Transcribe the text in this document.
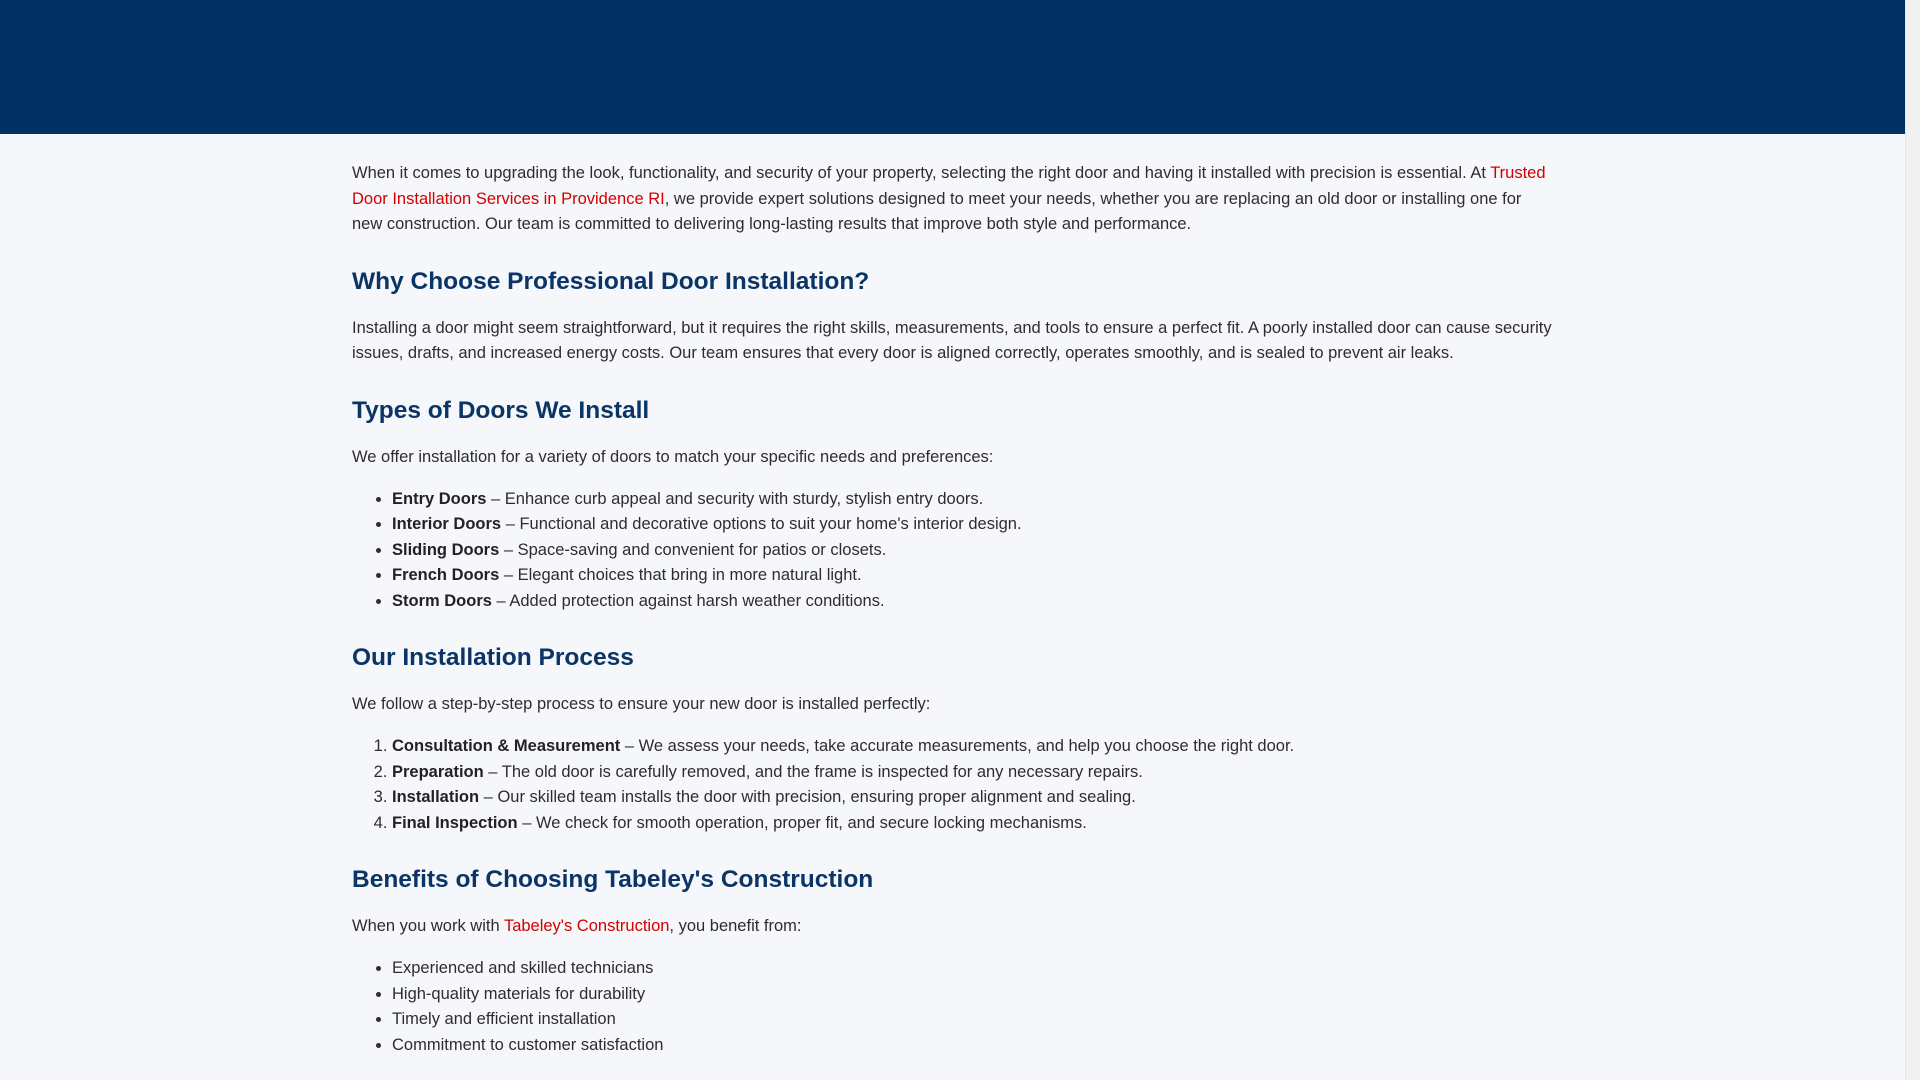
When it comes to upgrading the look, functionality, and security of your property, selecting the right door and having it installed with precision is essential. At Trusted Door Installation Services in Providence RI, we provide expert solutions designed to meet your needs, whether you are replacing an old door or installing one for new construction. Our team is committed to delivering long-lasting results that improve both style and performance.

Why Choose Professional Door Installation?

Installing a door might seem straightforward, but it requires the right skills, measurements, and tools to ensure a perfect fit. A poorly installed door can cause security issues, drafts, and increased energy costs. Our team ensures that every door is aligned correctly, operates smoothly, and is sealed to prevent air leaks.

Types of Doors We Install

We offer installation for a variety of doors to match your specific needs and preferences:

• Entry Doors – Enhance curb appeal and security with sturdy, stylish entry doors.
• Interior Doors – Functional and decorative options to suit your home's interior design.
• Sliding Doors – Space-saving and convenient for patios or closets.
• French Doors – Elegant choices that bring in more natural light.
• Storm Doors – Added protection against harsh weather conditions.
Our Installation Process

We follow a step-by-step process to ensure your new door is installed perfectly:

1. Consultation & Measurement – We assess your needs, take accurate measurements, and help you choose the right door.
2. Preparation – The old door is carefully removed, and the frame is inspected for any necessary repairs.
3. Installation – Our skilled team installs the door with precision, ensuring proper alignment and sealing.
4. Final Inspection – We check for smooth operation, proper fit, and secure locking mechanisms.
Benefits of Choosing Tabeley's Construction

When you work with Tabeley's Construction, you benefit from:

• Experienced and skilled technicians
• High-quality materials for durability
• Timely and efficient installation
• Commitment to customer satisfaction
